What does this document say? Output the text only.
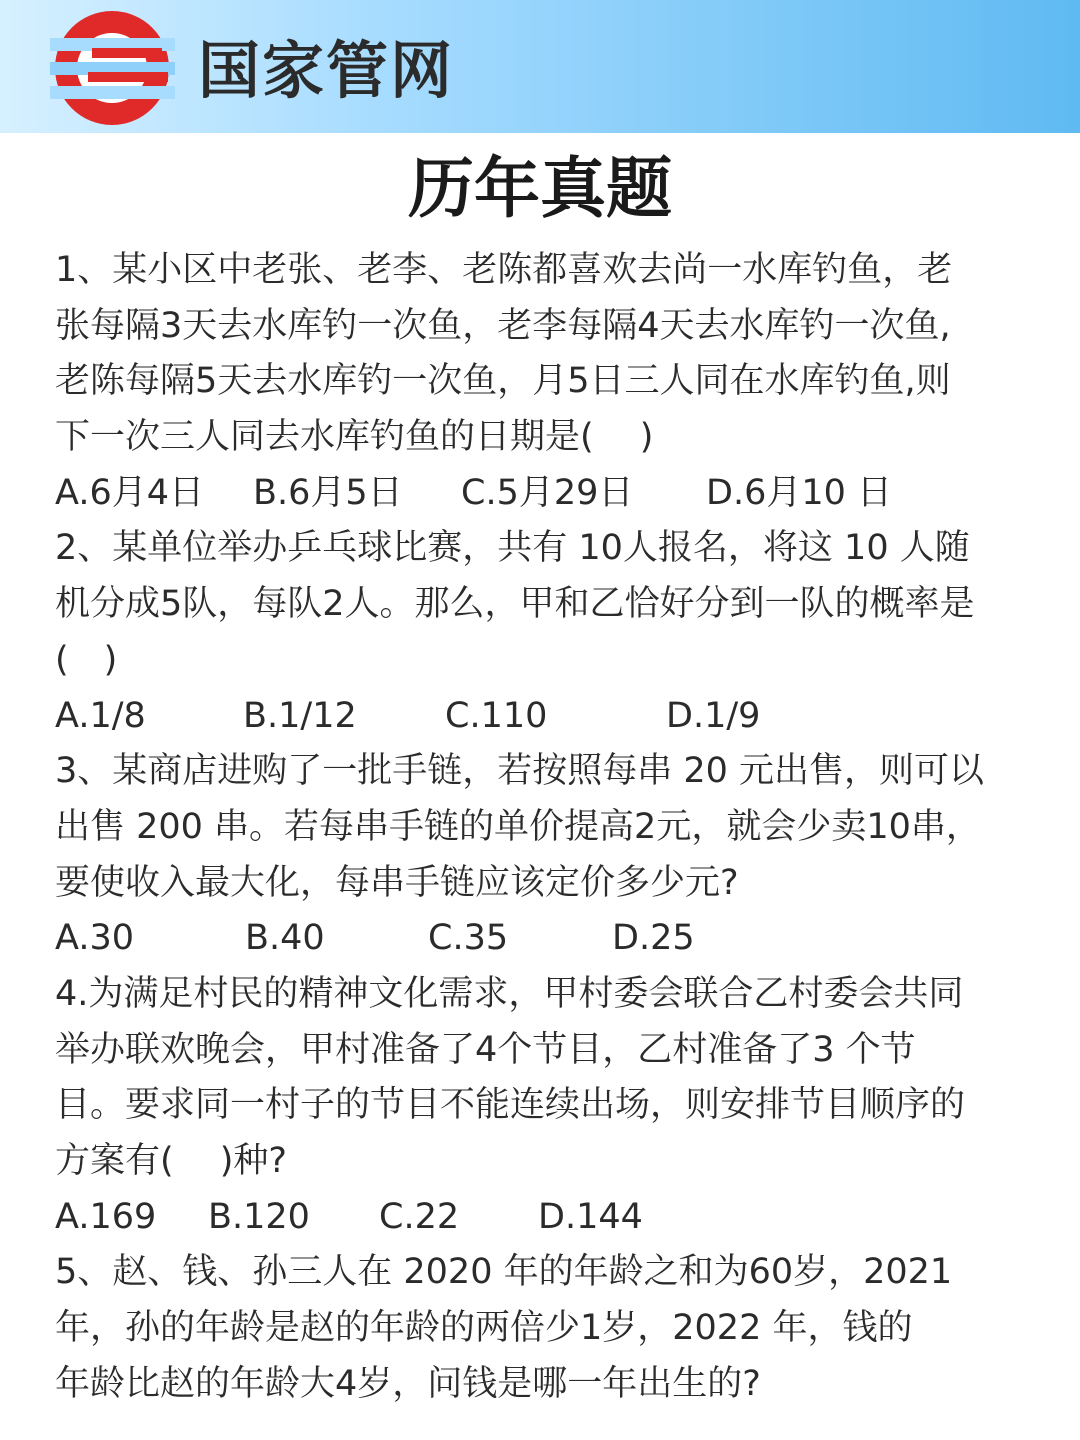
国家管网
历年真题
1、某小区中老张、老李、老陈都喜欢去尚一水库钓鱼，老
张每隔3天去水库钓一次鱼，老李每隔4天去水库钓一次鱼,
老陈每隔5天去水库钓一次鱼，月5日三人同在水库钓鱼,则
下一次三人同去水库钓鱼的日期是(　 )
A.6月4日 B.6月5日 C.5月29日 D.6月10 日
2、某单位举办乒乓球比赛，共有 10人报名，将这 10 人随
机分成5队，每队2人。那么，甲和乙恰好分到一队的概率是
(　)
A.1/8	B.1/12	C.110	D.1/9
3、某商店进购了一批手链，若按照每串 20 元出售，则可以
出售 200 串。若每串手链的单价提高2元，就会少卖10串，
要使收入最大化，每串手链应该定价多少元?
A.30	B.40	C.35	D.25
4.为满足村民的精神文化需求，甲村委会联合乙村委会共同
举办联欢晚会，甲村准备了4个节目，乙村准备了3 个节
目。要求同一村子的节目不能连续出场，则安排节目顺序的
方案有(　 )种?
A.169 B.120 C.22 D.144
5、赵、钱、孙三人在 2020 年的年龄之和为60岁，2021
年，孙的年龄是赵的年龄的两倍少1岁，2022 年，钱的
年龄比赵的年龄大4岁，问钱是哪一年出生的?
